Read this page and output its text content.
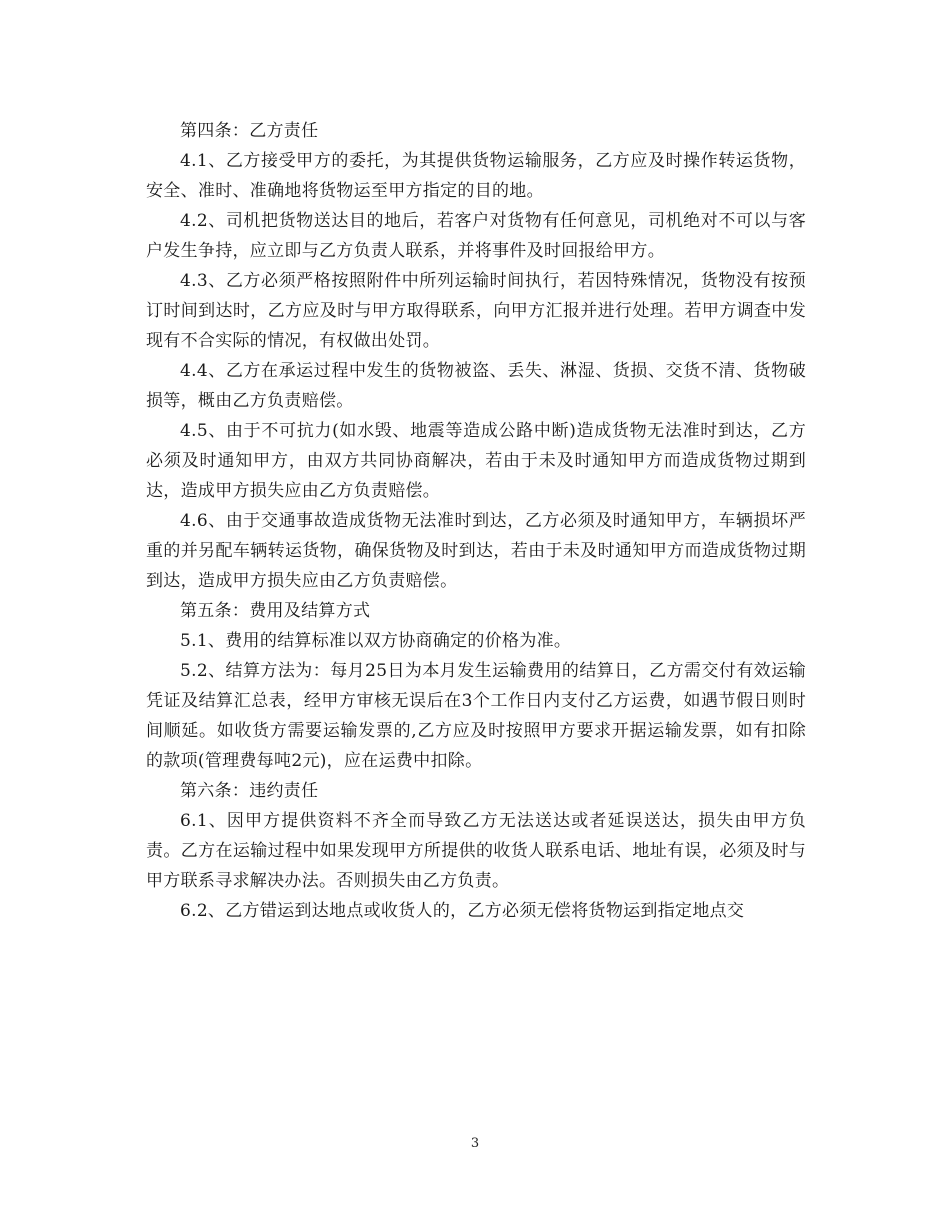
第四条：乙方责任

4.1、乙方接受甲方的委托，为其提供货物运输服务，乙方应及时操作转运货物，安全、准时、准确地将货物运至甲方指定的目的地。

4.2、司机把货物送达目的地后，若客户对货物有任何意见，司机绝对不可以与客户发生争持，应立即与乙方负责人联系，并将事件及时回报给甲方。

4.3、乙方必须严格按照附件中所列运输时间执行，若因特殊情况，货物没有按预订时间到达时，乙方应及时与甲方取得联系，向甲方汇报并进行处理。若甲方调查中发现有不合实际的情况，有权做出处罚。

4.4、乙方在承运过程中发生的货物被盗、丢失、淋湿、货损、交货不清、货物破损等，概由乙方负责赔偿。

4.5、由于不可抗力(如水毁、地震等造成公路中断)造成货物无法准时到达，乙方必须及时通知甲方，由双方共同协商解决，若由于未及时通知甲方而造成货物过期到达，造成甲方损失应由乙方负责赔偿。

4.6、由于交通事故造成货物无法准时到达，乙方必须及时通知甲方，车辆损坏严重的并另配车辆转运货物，确保货物及时到达，若由于未及时通知甲方而造成货物过期到达，造成甲方损失应由乙方负责赔偿。

第五条：费用及结算方式

5.1、费用的结算标准以双方协商确定的价格为准。

5.2、结算方法为：每月25日为本月发生运输费用的结算日，乙方需交付有效运输凭证及结算汇总表，经甲方审核无误后在3个工作日内支付乙方运费，如遇节假日则时间顺延。如收货方需要运输发票的,乙方应及时按照甲方要求开据运输发票，如有扣除的款项(管理费每吨2元)，应在运费中扣除。

第六条：违约责任

6.1、因甲方提供资料不齐全而导致乙方无法送达或者延误送达，损失由甲方负责。乙方在运输过程中如果发现甲方所提供的收货人联系电话、地址有误，必须及时与甲方联系寻求解决办法。否则损失由乙方负责。

6.2、乙方错运到达地点或收货人的，乙方必须无偿将货物运到指定地点交

3
